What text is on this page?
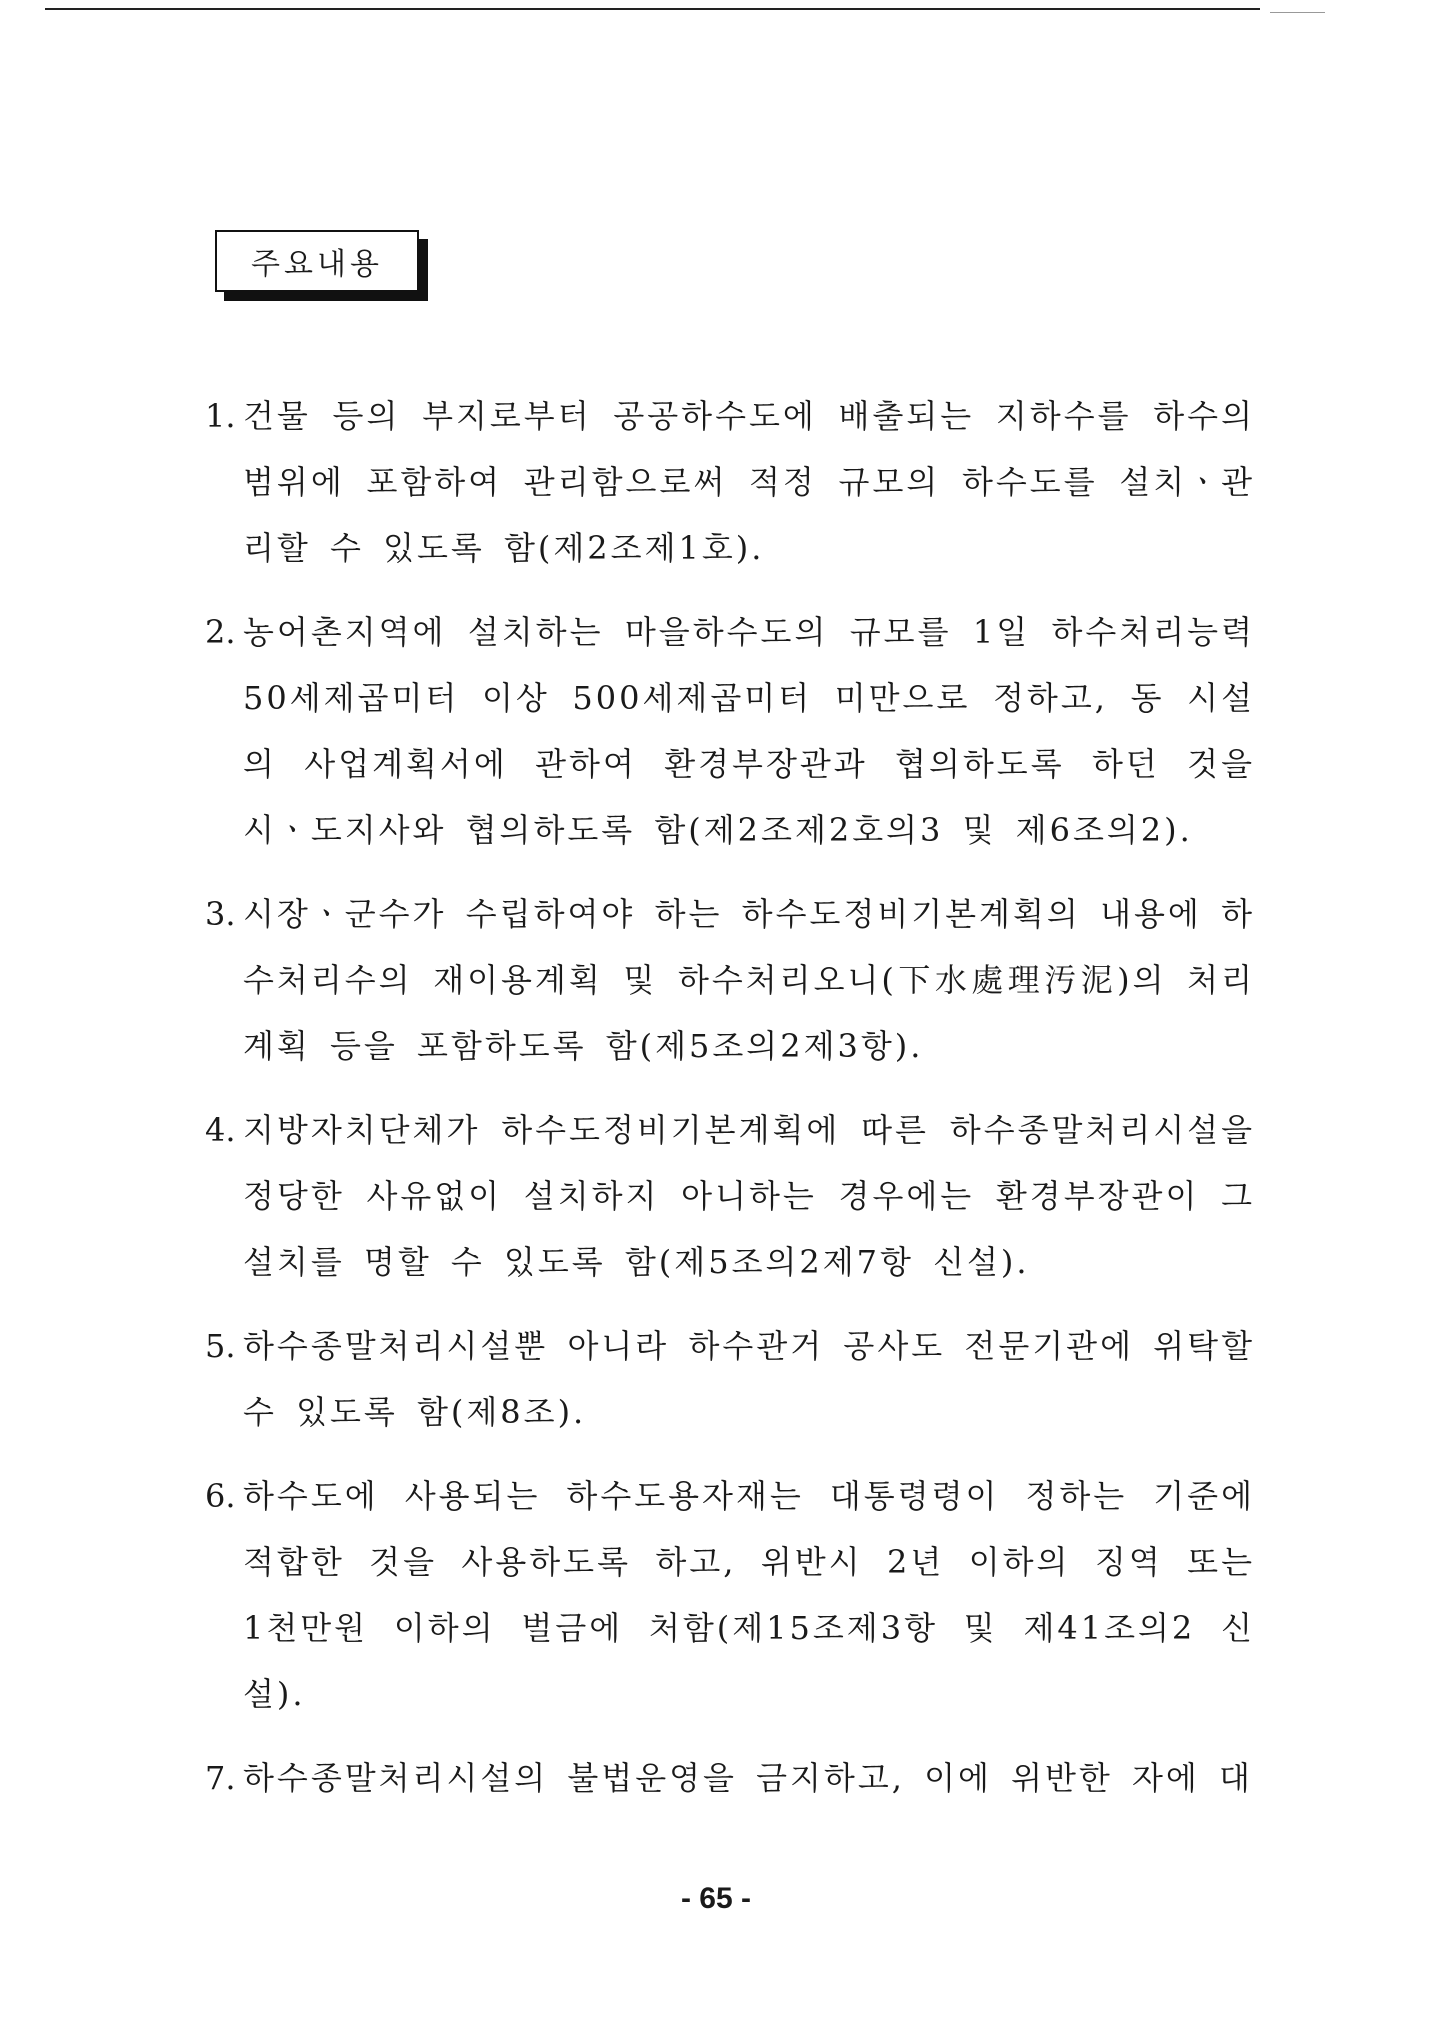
주요내용
1. 건물 등의 부지로부터 공공하수도에 배출되는 지하수를 하수의 범위에 포함하여 관리함으로써 적정 규모의 하수도를 설치ㆍ관리할 수 있도록 함(제2조제1호).
2. 농어촌지역에 설치하는 마을하수도의 규모를 1일 하수처리능력 50세제곱미터 이상 500세제곱미터 미만으로 정하고, 동 시설의 사업계획서에 관하여 환경부장관과 협의하도록 하던 것을 시ㆍ도지사와 협의하도록 함(제2조제2호의3 및 제6조의2).
3. 시장ㆍ군수가 수립하여야 하는 하수도정비기본계획의 내용에 하수처리수의 재이용계획 및 하수처리오니(下水處理汚泥)의 처리계획 등을 포함하도록 함(제5조의2제3항).
4. 지방자치단체가 하수도정비기본계획에 따른 하수종말처리시설을 정당한 사유없이 설치하지 아니하는 경우에는 환경부장관이 그 설치를 명할 수 있도록 함(제5조의2제7항 신설).
5. 하수종말처리시설뿐 아니라 하수관거 공사도 전문기관에 위탁할 수 있도록 함(제8조).
6. 하수도에 사용되는 하수도용자재는 대통령령이 정하는 기준에 적합한 것을 사용하도록 하고, 위반시 2년 이하의 징역 또는 1천만원 이하의 벌금에 처함(제15조제3항 및 제41조의2 신설).
7. 하수종말처리시설의 불법운영을 금지하고, 이에 위반한 자에 대
- 65 -
